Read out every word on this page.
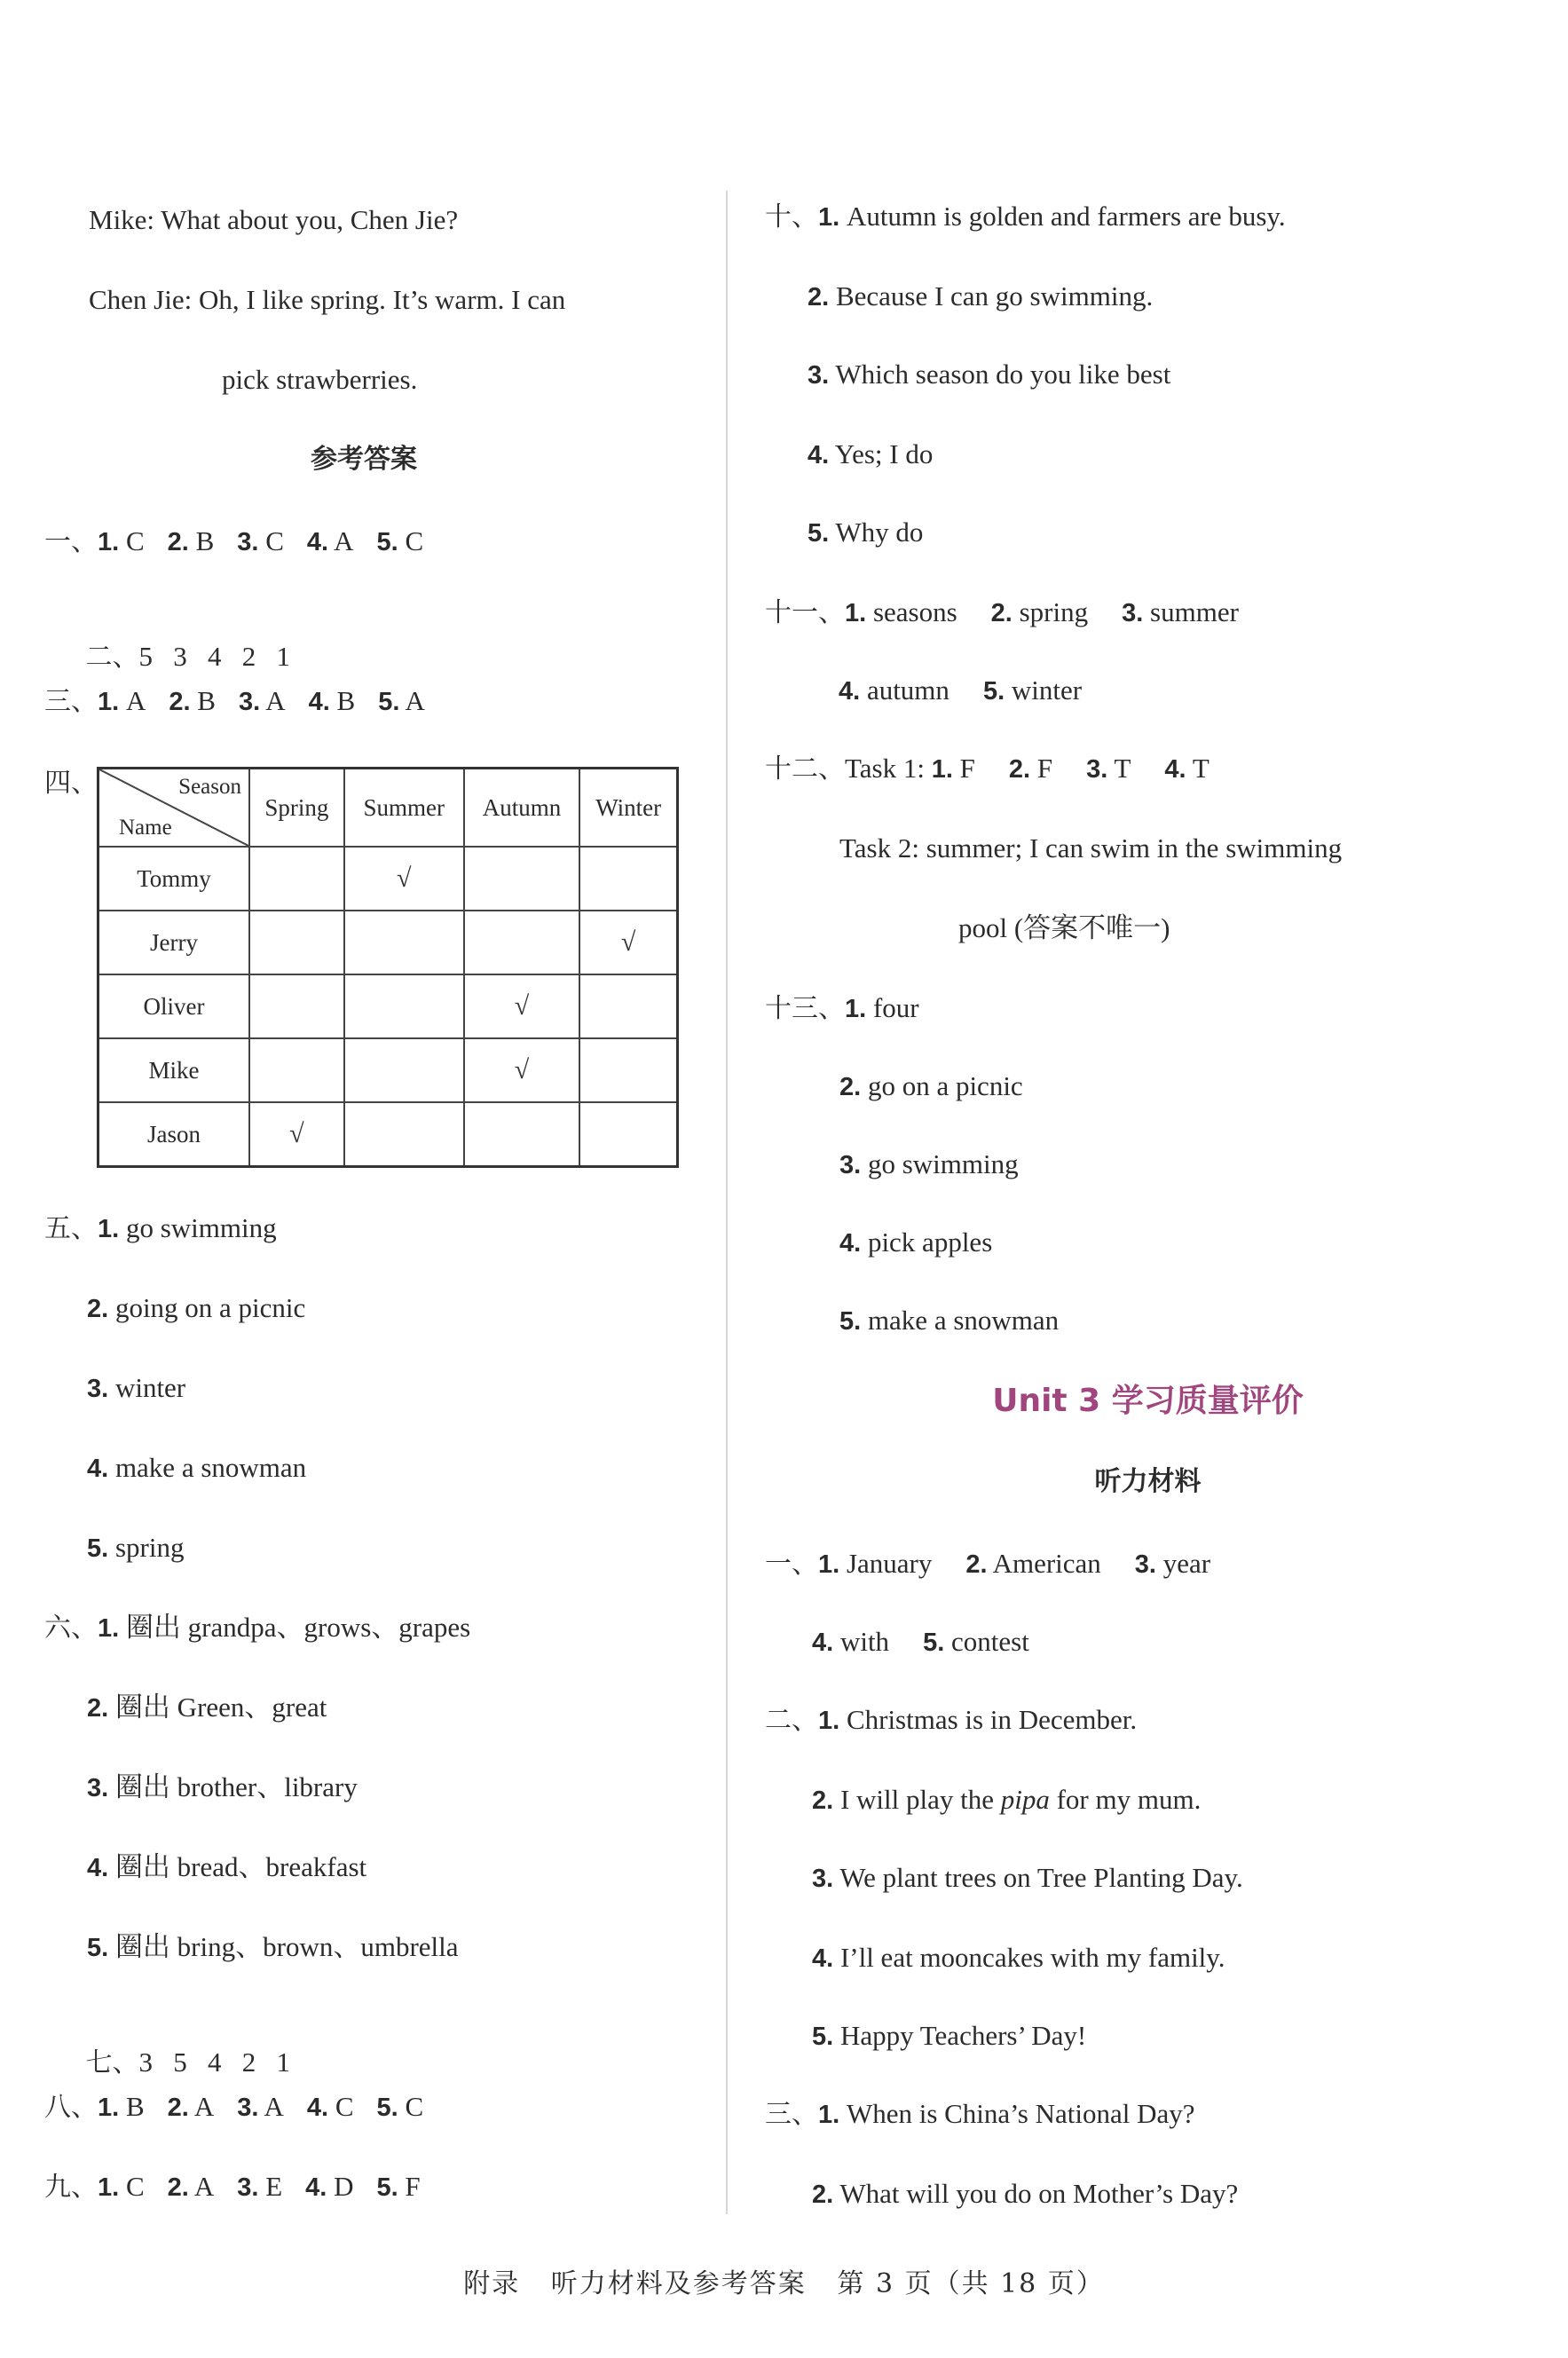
Mike: What about you, Chen Jie?
Chen Jie: Oh, I like spring. It’s warm. I can
pick strawberries.
参考答案
一、1. C 2. B 3. C 4. A 5. C

二、5   3   4   2   1

三、1. A 2. B 3. A 4. B 5. A
四、	Season
Name	Spring	Summer	Autumn	Winter
Tommy		√		
Jerry				√
Oliver			√	
Mike			√	
Jason	√			
五、1. go swimming
2. going on a picnic
3. winter
4. make a snowman
5. spring
六、1. 圈出 grandpa、grows、grapes
2. 圈出 Green、great
3. 圈出 brother、library
4. 圈出 bread、breakfast
5. 圈出 bring、brown、umbrella

七、3   5   4   2   1

八、1. B 2. A 3. A 4. C 5. C
九、1. C 2. A 3. E 4. D 5. F
十、1. Autumn is golden and farmers are busy.
2. Because I can go swimming.
3. Which season do you like best
4. Yes; I do
5. Why do
十一、1. seasons 2. spring 3. summer
4. autumn 5. winter
十二、Task 1: 1. F 2. F 3. T 4. T
Task 2: summer; I can swim in the swimming
pool (答案不唯一)
十三、1. four
2. go on a picnic
3. go swimming
4. pick apples
5. make a snowman
Unit 3 学习质量评价
听力材料
一、1. January 2. American 3. year
4. with 5. contest
二、1. Christmas is in December.
2. I will play the pipa for my mum.
3. We plant trees on Tree Planting Day.
4. I’ll eat mooncakes with my family.
5. Happy Teachers’ Day!
三、1. When is China’s National Day?
2. What will you do on Mother’s Day?
附录   听力材料及参考答案   第 3 页（共 18 页）
